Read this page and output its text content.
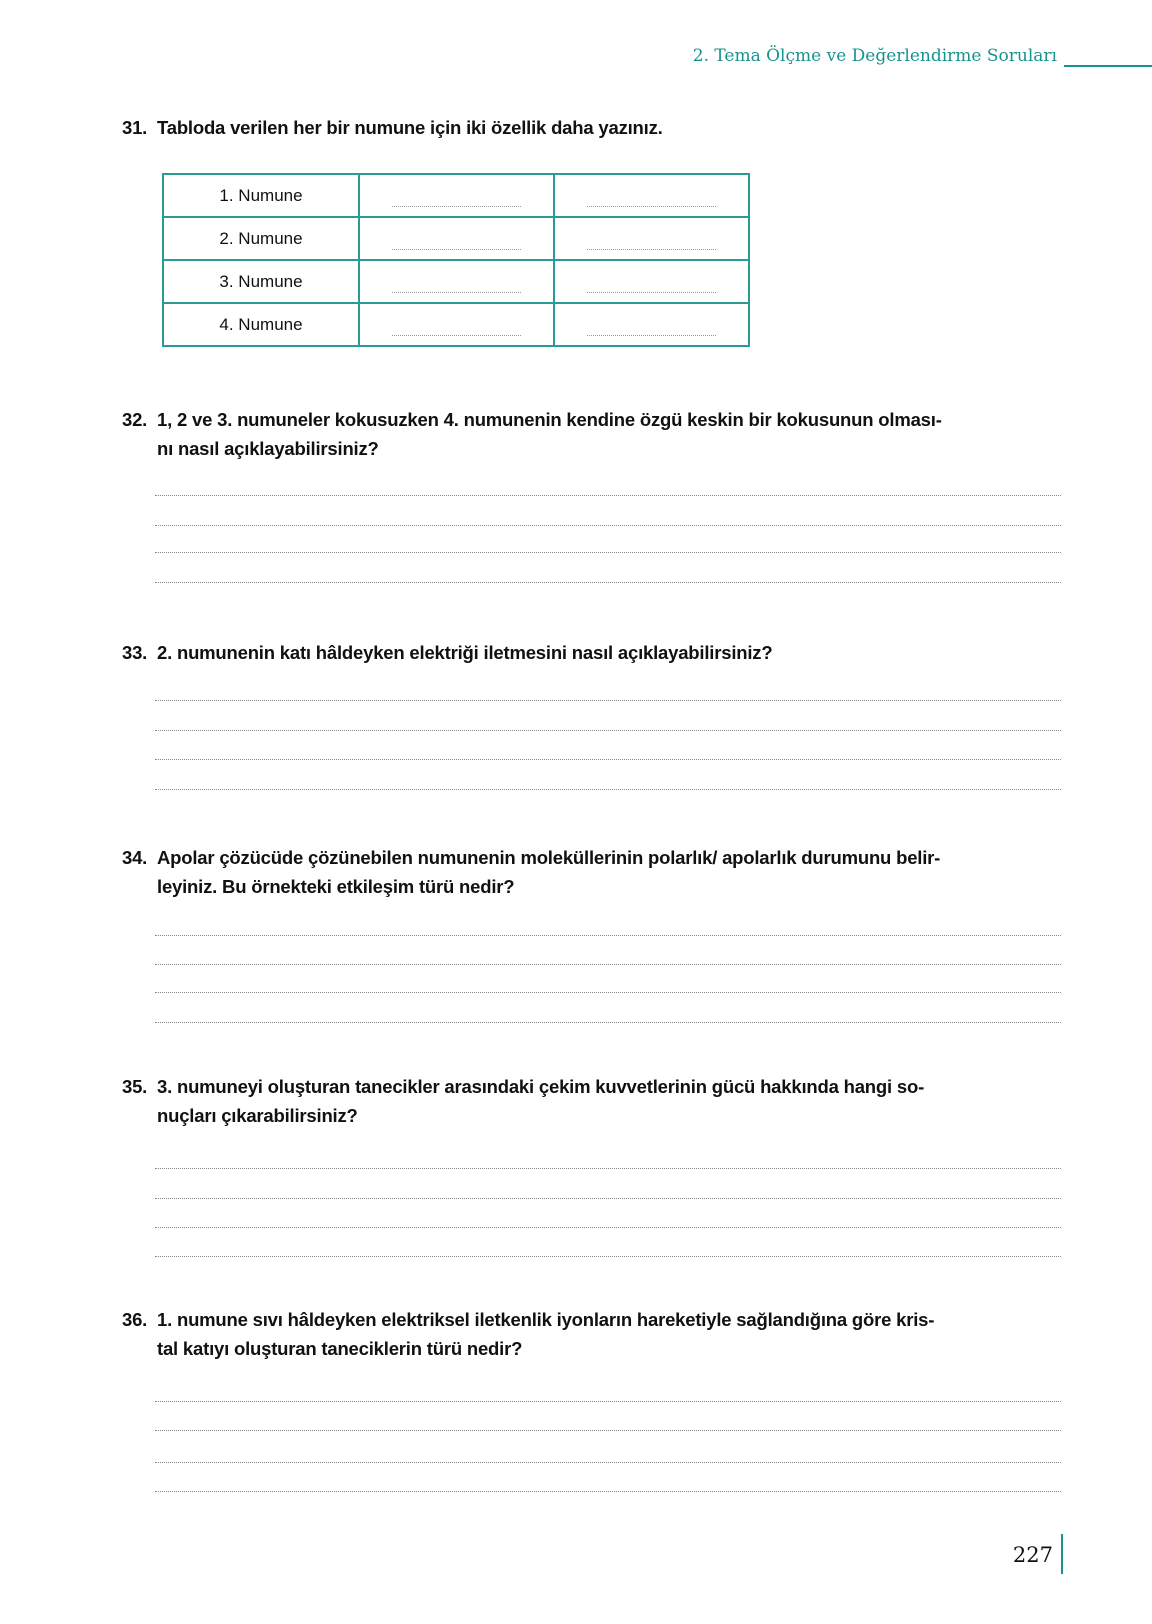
2. Tema Ölçme ve Değerlendirme Soruları
31. Tabloda verilen her bir numune için iki özellik daha yazınız.
1. Numune	

2. Numune	

3. Numune	

4. Numune	

32. 1, 2 ve 3. numuneler kokusuzken 4. numunenin kendine özgü keskin bir kokusunun olması-
nı nasıl açıklayabilirsiniz?
33. 2. numunenin katı hâldeyken elektriği iletmesini nasıl açıklayabilirsiniz?
34. Apolar çözücüde çözünebilen numunenin moleküllerinin polarlık/ apolarlık durumunu belir-
leyiniz. Bu örnekteki etkileşim türü nedir?
35. 3. numuneyi oluşturan tanecikler arasındaki çekim kuvvetlerinin gücü hakkında hangi so-
nuçları çıkarabilirsiniz?
36. 1. numune sıvı hâldeyken elektriksel iletkenlik iyonların hareketiyle sağlandığına göre kris-
tal katıyı oluşturan taneciklerin türü nedir?
227
